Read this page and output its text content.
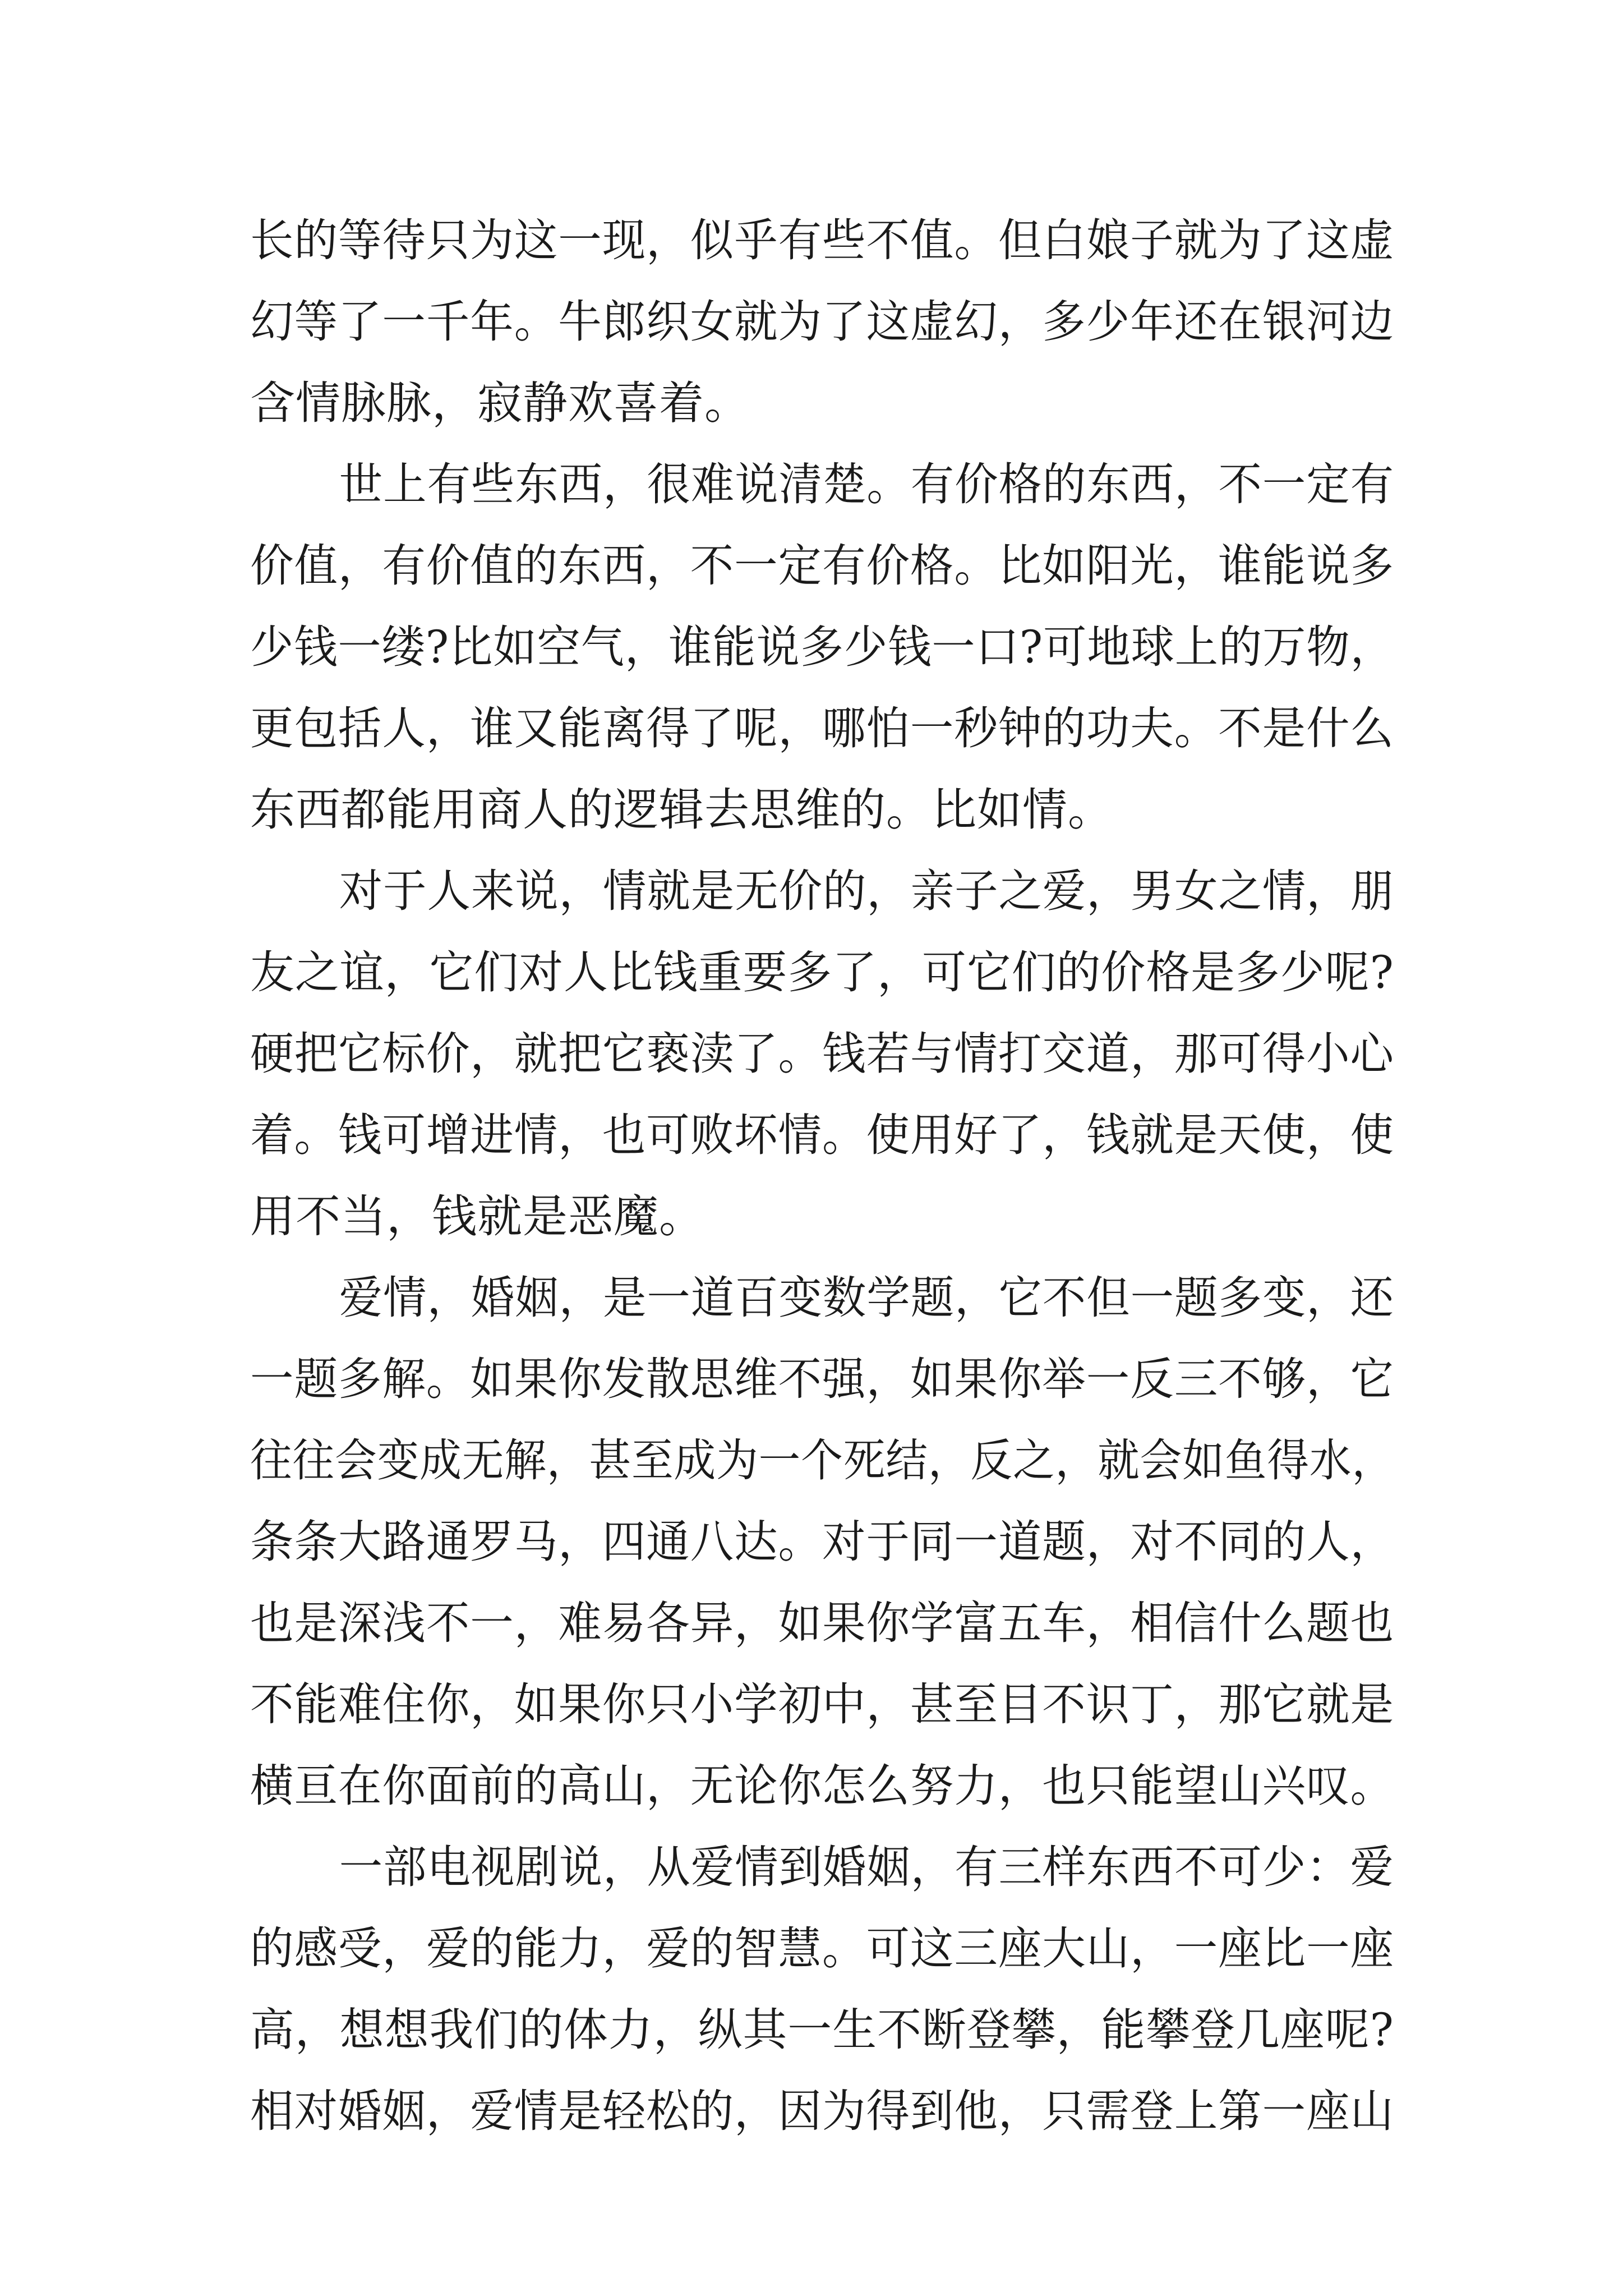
长的等待只为这一现，似乎有些不值。但白娘子就为了这虚
幻等了一千年。牛郎织女就为了这虚幻，多少年还在银河边
含情脉脉，寂静欢喜着。
世上有些东西，很难说清楚。有价格的东西，不一定有
价值，有价值的东西，不一定有价格。比如阳光，谁能说多
少钱一缕?比如空气，谁能说多少钱一口?可地球上的万物，
更包括人，谁又能离得了呢，哪怕一秒钟的功夫。不是什么
东西都能用商人的逻辑去思维的。比如情。
对于人来说，情就是无价的，亲子之爱，男女之情，朋
友之谊，它们对人比钱重要多了，可它们的价格是多少呢?
硬把它标价，就把它亵渎了。钱若与情打交道，那可得小心
着。钱可增进情，也可败坏情。使用好了，钱就是天使，使
用不当，钱就是恶魔。
爱情，婚姻，是一道百变数学题，它不但一题多变，还
一题多解。如果你发散思维不强，如果你举一反三不够，它
往往会变成无解，甚至成为一个死结，反之，就会如鱼得水，
条条大路通罗马，四通八达。对于同一道题，对不同的人，
也是深浅不一，难易各异，如果你学富五车，相信什么题也
不能难住你，如果你只小学初中，甚至目不识丁，那它就是
横亘在你面前的高山，无论你怎么努力，也只能望山兴叹。
一部电视剧说，从爱情到婚姻，有三样东西不可少：爱
的感受，爱的能力，爱的智慧。可这三座大山，一座比一座
高，想想我们的体力，纵其一生不断登攀，能攀登几座呢?
相对婚姻，爱情是轻松的，因为得到他，只需登上第一座山
